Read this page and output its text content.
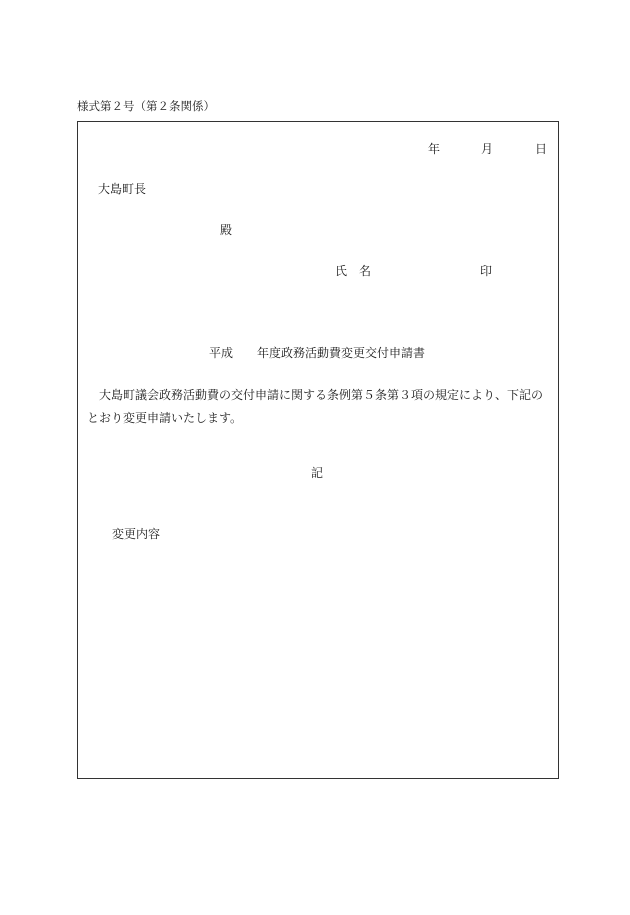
様式第２号（第２条関係）
年	月	日
大島町長
殿
氏　名	印
平成　　年度政務活動費変更交付申請書
大島町議会政務活動費の交付申請に関する条例第５条第３項の規定により、下記のとおり変更申請いたします。
記
変更内容
